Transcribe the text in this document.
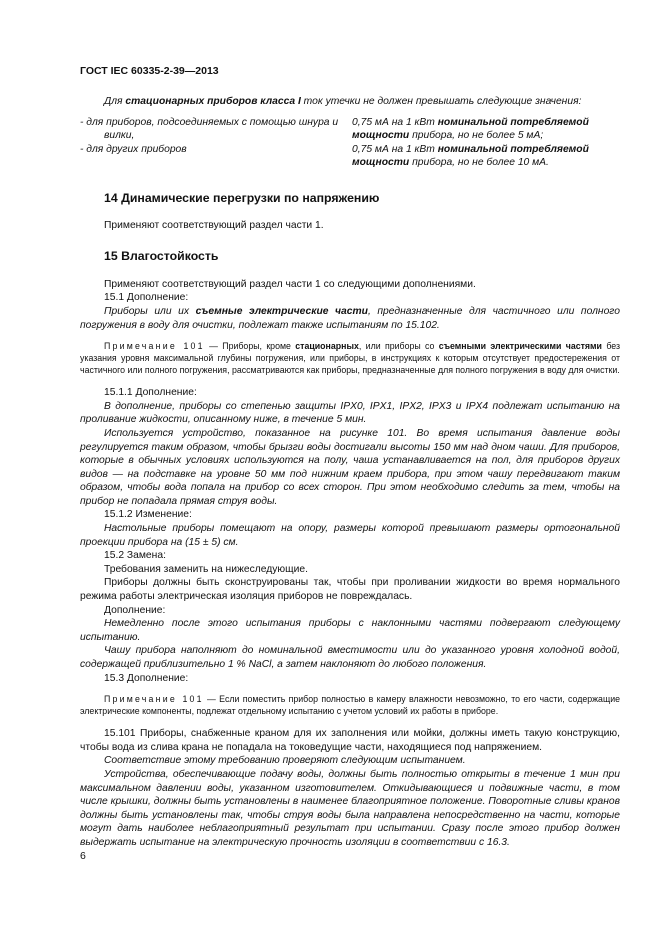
ГОСТ IEC 60335-2-39—2013

Для стационарных приборов класса I ток утечки не должен превышать следующие значения:

- для приборов, подсоединяемых с помощью шнура и вилки,

- для других приборов

0,75 мА на 1 кВт номинальной потребляемой мощности прибора, но не более 5 мА;

0,75 мА на 1 кВт номинальной потребляемой мощности прибора, но не более 10 мА.

14 Динамические перегрузки по напряжению

Применяют соответствующий раздел части 1.

15 Влагостойкость

Применяют соответствующий раздел части 1 со следующими дополнениями.

15.1 Дополнение:

Приборы или их съемные электрические части, предназначенные для частичного или полного погружения в воду для очистки, подлежат также испытаниям по 15.102.

Примечание 101 — Приборы, кроме стационарных, или приборы со съемными электрическими частями без указания уровня максимальной глубины погружения, или приборы, в инструкциях к которым отсутствует предостережения от частичного или полного погружения, рассматриваются как приборы, предназначенные для полного погружения в воду для очистки.

15.1.1 Дополнение:

В дополнение, приборы со степенью защиты IPX0, IPX1, IPX2, IPX3 и IPX4 подлежат испытанию на проливание жидкости, описанному ниже, в течение 5 мин.

Используется устройство, показанное на рисунке 101. Во время испытания давление воды регулируется таким образом, чтобы брызги воды достигали высоты 150 мм над дном чаши. Для приборов, которые в обычных условиях используются на полу, чаша устанавливается на пол, для приборов других видов — на подставке на уровне 50 мм под нижним краем прибора, при этом чашу передвигают таким образом, чтобы вода попала на прибор со всех сторон. При этом необходимо следить за тем, чтобы на прибор не попадала прямая струя воды.

15.1.2 Изменение:

Настольные приборы помещают на опору, размеры которой превышают размеры ортогональной проекции прибора на (15 ± 5) см.

15.2 Замена:

Требования заменить на нижеследующие.

Приборы должны быть сконструированы так, чтобы при проливании жидкости во время нормального режима работы электрическая изоляция приборов не повреждалась.

Дополнение:

Немедленно после этого испытания приборы с наклонными частями подвергают следующему испытанию.

Чашу прибора наполняют до номинальной вместимости или до указанного уровня холодной водой, содержащей приблизительно 1 % NaCl, а затем наклоняют до любого положения.

15.3 Дополнение:

Примечание 101 — Если поместить прибор полностью в камеру влажности невозможно, то его части, содержащие электрические компоненты, подлежат отдельному испытанию с учетом условий их работы в приборе.

15.101 Приборы, снабженные краном для их заполнения или мойки, должны иметь такую конструкцию, чтобы вода из слива крана не попадала на токоведущие части, находящиеся под напряжением.

Соответствие этому требованию проверяют следующим испытанием.

Устройства, обеспечивающие подачу воды, должны быть полностью открыты в течение 1 мин при максимальном давлении воды, указанном изготовителем. Откидывающиеся и подвижные части, в том числе крышки, должны быть установлены в наименее благоприятное положение. Поворотные сливы кранов должны быть установлены так, чтобы струя воды была направлена непосредственно на части, которые могут дать наиболее неблагоприятный результат при испытании. Сразу после этого прибор должен выдержать испытание на электрическую прочность изоляции в соответствии с 16.3.

6
